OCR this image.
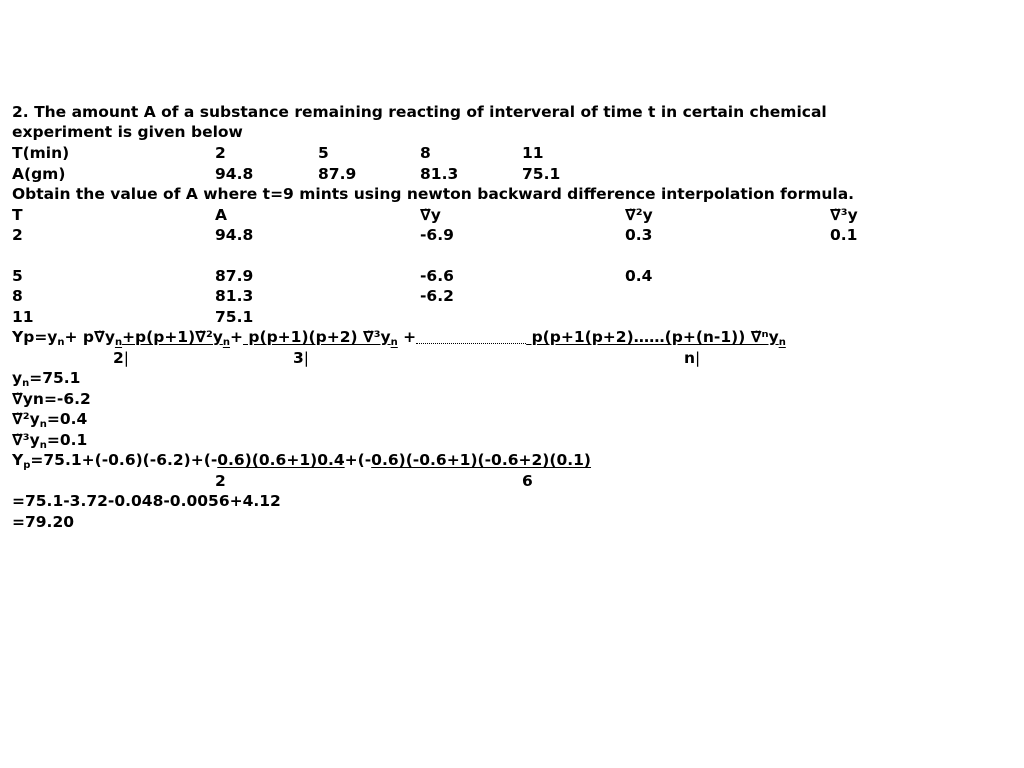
2. The amount A of a substance remaining reacting of interveral of time t in certain chemical
experiment is given below
T(min)	2	5	8	11
A(gm)	94.8	87.9	81.3	75.1
Obtain the value of A where t=9 mints using newton backward difference interpolation formula.
T	A	∇̃y	∇̃²y	∇̃³y
2	94.8	-6.9	0.3	0.1
5	87.9	-6.6	0.4
8	81.3	-6.2
11	75.1
$Yp=y_n+$ $p\nablãy_n+p(p+1)\nablã^2y_n+ p(p+1)(p+2)$ $\nablã^3y_n$ +	p(p+1(p+2)……(p+(n-1)) ∇̃ⁿy$_n$
2|	3|	n|
$y_n=75.1$
∇̃yn=-6.2
$\nablã^2y_n=0.4$
$\nablã^3y_n=0.1$
$Y_p=75.1+(-0.6)(-6.2)+(-0.6)(0.6+1)0.4+(-0.6)(-0.6+1)(-0.6+2)(0.1)$
2	6
=75.1-3.72-0.048-0.0056+4.12
=79.20
